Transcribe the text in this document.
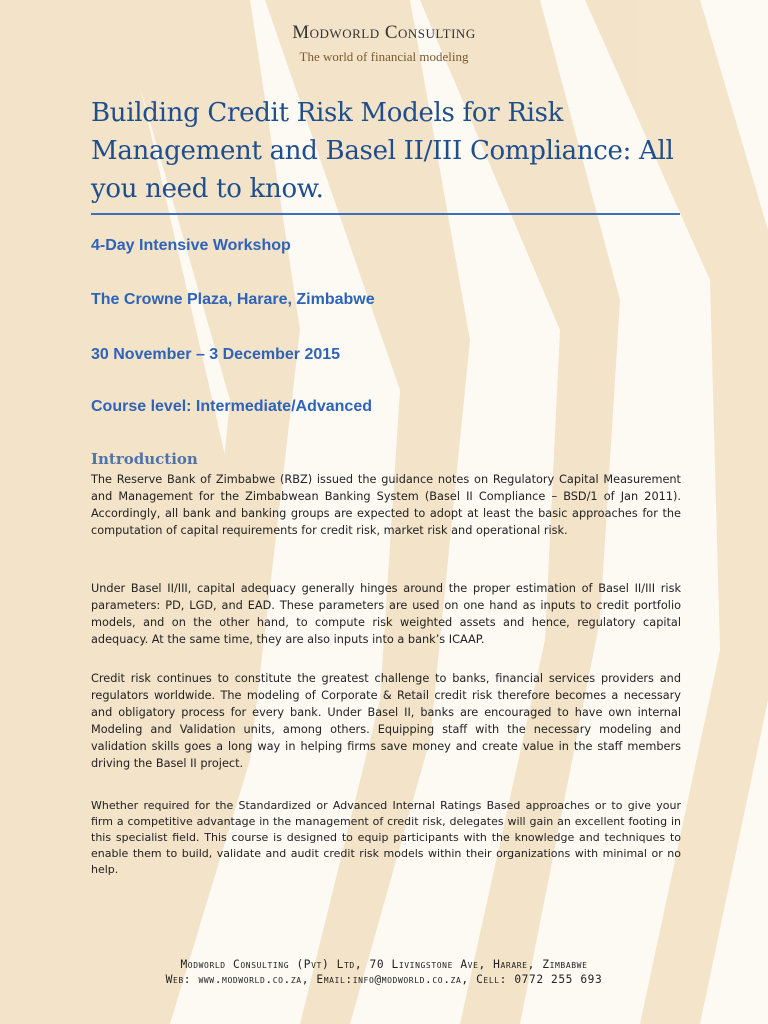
Modworld Consulting
The world of financial modeling
Building Credit Risk Models for Risk Management and Basel II/III Compliance: All you need to know.

4-Day Intensive Workshop

The Crowne Plaza, Harare, Zimbabwe

30 November – 3 December 2015

Course level: Intermediate/Advanced

Introduction

The Reserve Bank of Zimbabwe (RBZ) issued the guidance notes on Regulatory Capital Measurement and Management for the Zimbabwean Banking System (Basel II Compliance – BSD/1 of Jan 2011). Accordingly, all bank and banking groups are expected to adopt at least the basic approaches for the computation of capital requirements for credit risk, market risk and operational risk.

Under Basel II/III, capital adequacy generally hinges around the proper estimation of Basel II/III risk parameters: PD, LGD, and EAD. These parameters are used on one hand as inputs to credit portfolio models, and on the other hand, to compute risk weighted assets and hence, regulatory capital adequacy. At the same time, they are also inputs into a bank’s ICAAP.

Credit risk continues to constitute the greatest challenge to banks, financial services providers and regulators worldwide. The modeling of Corporate & Retail credit risk therefore becomes a necessary and obligatory process for every bank. Under Basel II, banks are encouraged to have own internal Modeling and Validation units, among others. Equipping staff with the necessary modeling and validation skills goes a long way in helping firms save money and create value in the staff members driving the Basel II project.

Whether required for the Standardized or Advanced Internal Ratings Based approaches or to give your firm a competitive advantage in the management of credit risk, delegates will gain an excellent footing in this specialist field. This course is designed to equip participants with the knowledge and techniques to enable them to build, validate and audit credit risk models within their organizations with minimal or no help.

Modworld Consulting (Pvt) Ltd, 70 Livingstone Ave, Harare, Zimbabwe
Web: www.modworld.co.za, Email:info@modworld.co.za, Cell: 0772 255 693
